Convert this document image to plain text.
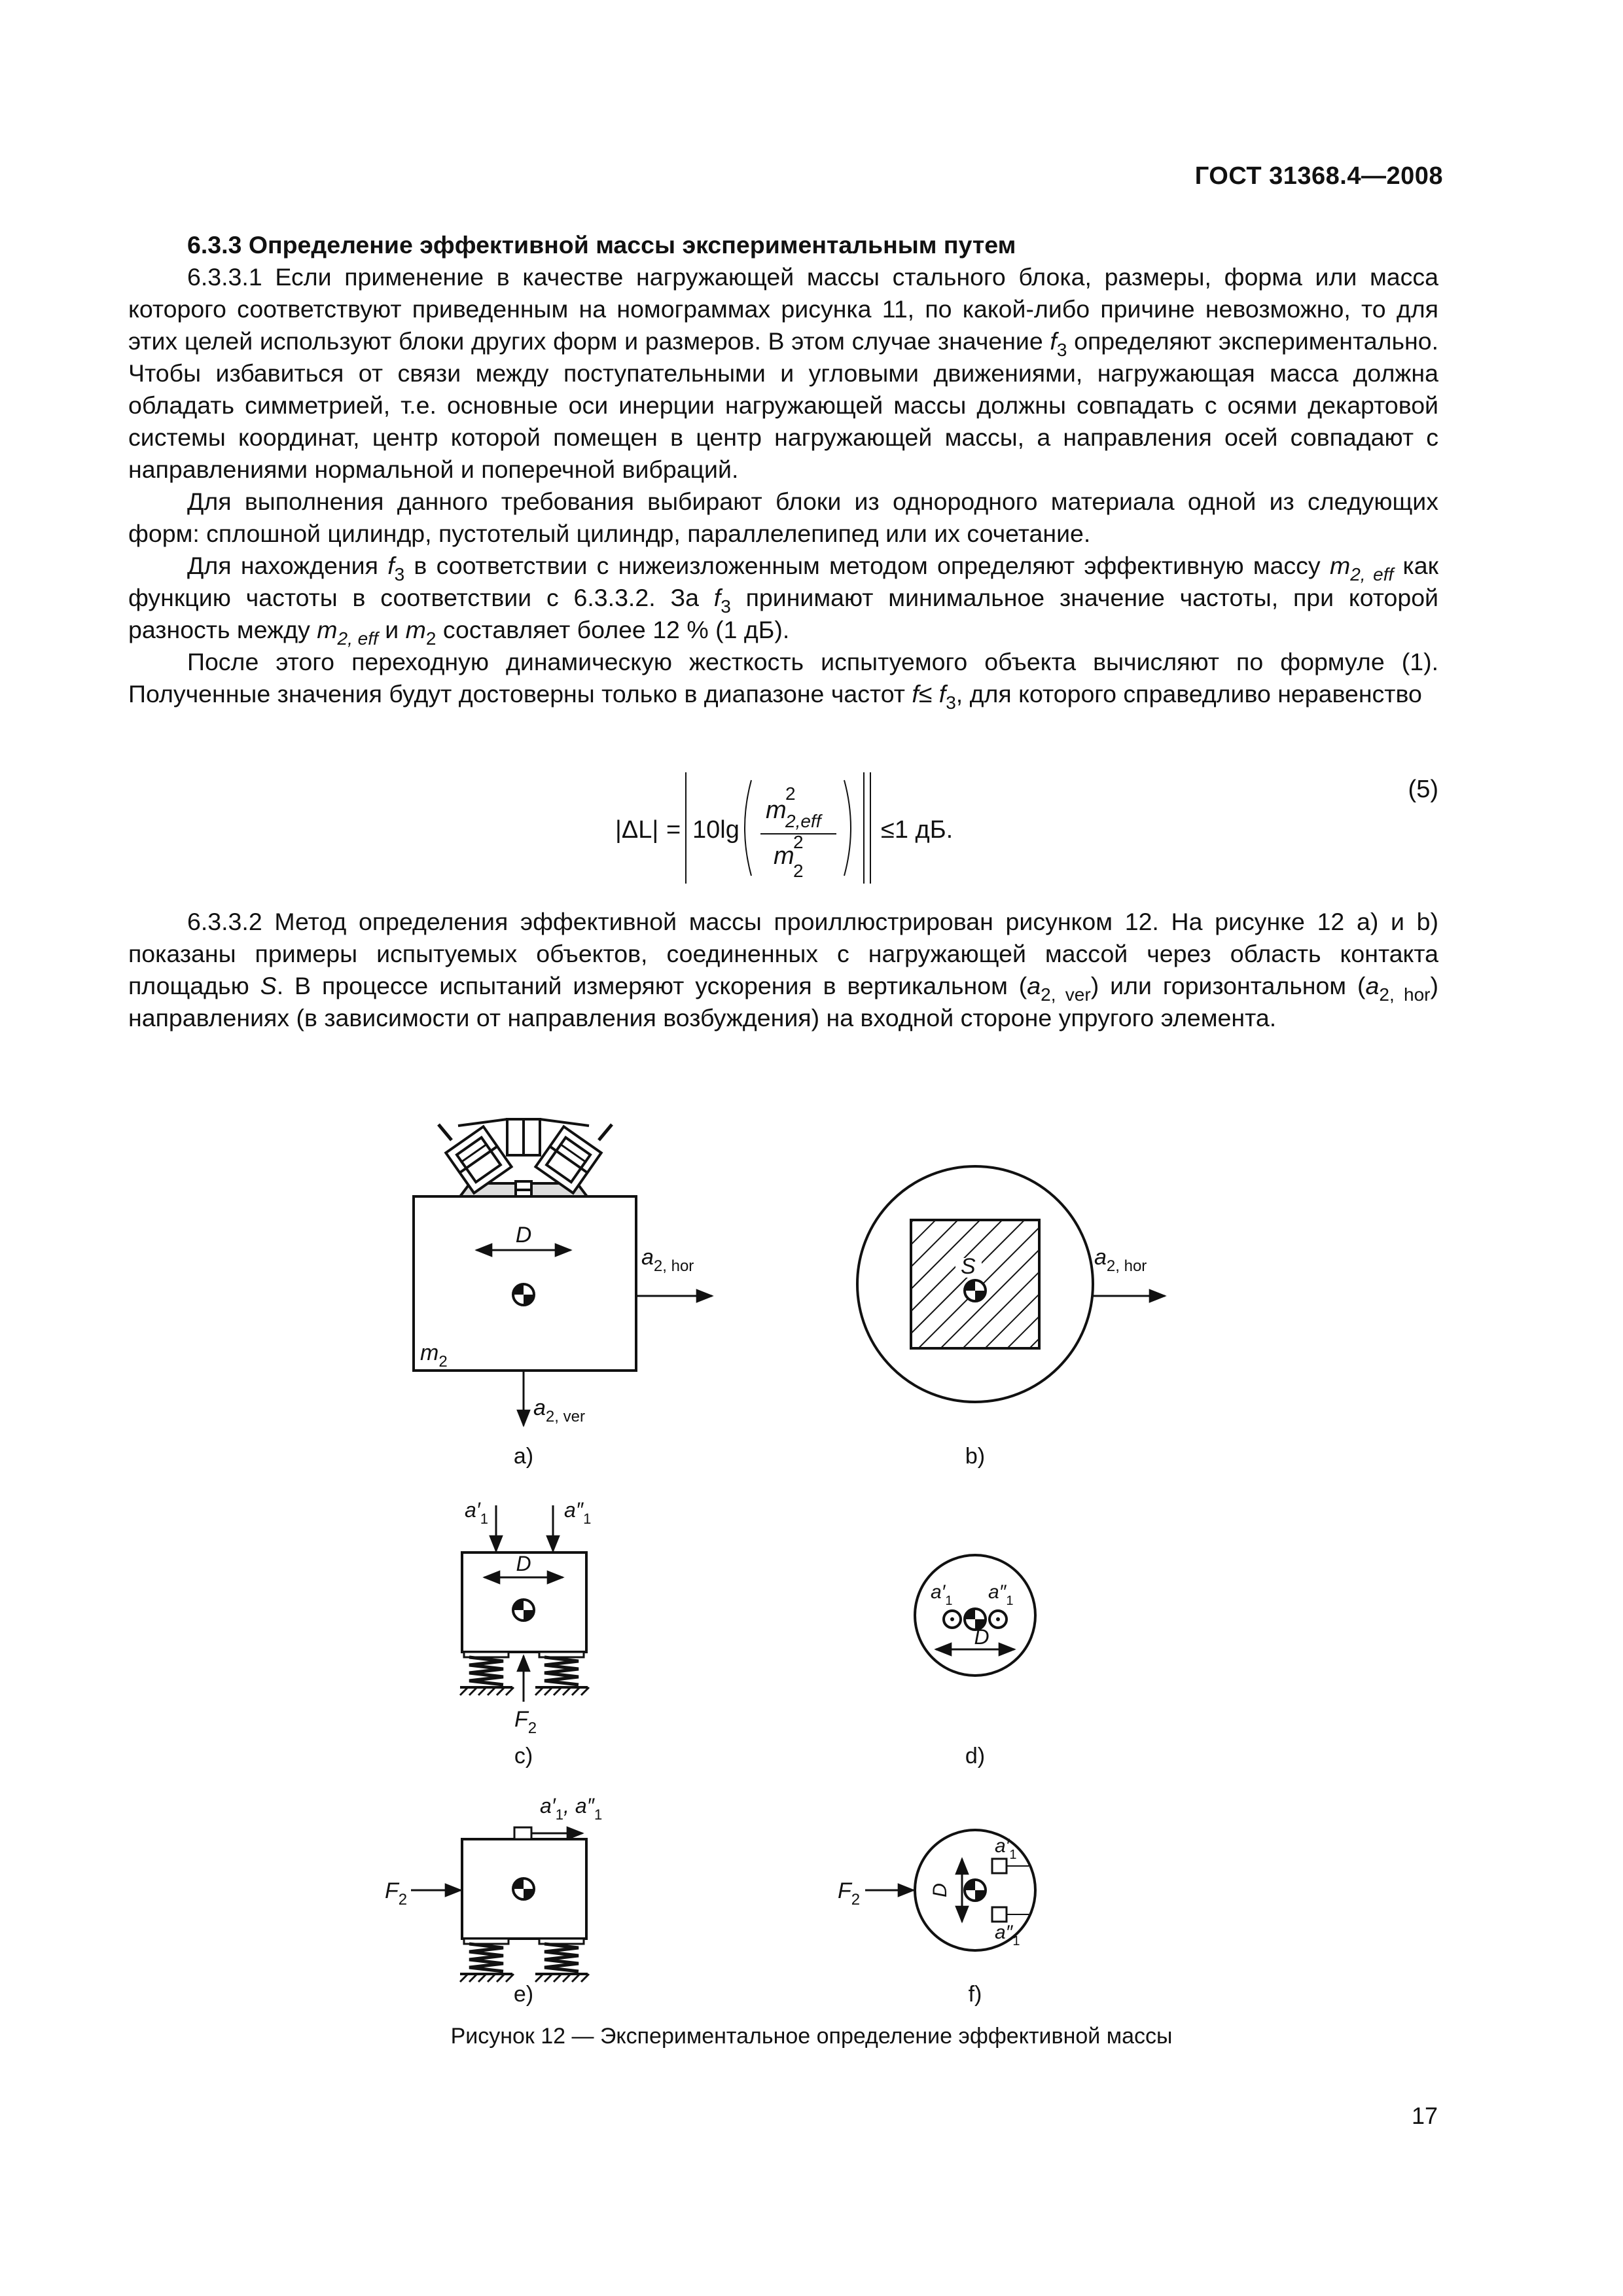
ГОСТ 31368.4—2008

6.3.3 Определение эффективной массы экспериментальным путем

6.3.3.1 Если применение в качестве нагружающей массы стального блока, размеры, форма или масса которого соответствуют приведенным на номограммах рисунка 11, по какой-либо причине невозможно, то для этих целей используют блоки других форм и размеров. В этом случае значение $f_3$ определяют экспериментально. Чтобы избавиться от связи между поступательными и угловыми движениями, нагружающая масса должна обладать симметрией, т.е. основные оси инерции нагружающей массы должны совпадать с осями декартовой системы координат, центр которой помещен в центр нагружающей массы, а направления осей совпадают с направлениями нормальной и поперечной вибраций.

Для выполнения данного требования выбирают блоки из однородного материала одной из следующих форм: сплошной цилиндр, пустотелый цилиндр, параллелепипед или их сочетание.

Для нахождения $f_3$ в соответствии с нижеизложенным методом определяют эффективную массу $m_{2, eff}$ как функцию частоты в соответствии с 6.3.3.2. За $f_3$ принимают минимальное значение частоты, при которой разность между $m_{2, eff}$ и $m_2$ составляет более 12 % (1 дБ).

После этого переходную динамическую жесткость испытуемого объекта вычисляют по формуле (1). Полученные значения будут достоверны только в диапазоне частот $f\le f_3$, для которого справедливо неравенство

|ΔL| = 10lg
m
2
2,eff
m
2
2
≤1 дБ.
(5)

6.3.3.2 Метод определения эффективной массы проиллюстрирован рисунком 12. На рисунке 12 a) и b) показаны примеры испытуемых объектов, соединенных с нагружающей массой через область контакта площадью S. В процессе испытаний измеряют ускорения в вертикальном $(a_{2, ver})$ или горизонтальном $(a_{2, hor})$ направлениях (в зависимости от направления возбуждения) на входной стороне упругого элемента.

D
$a_{2, hor}$
$m_2$
$a_{2, ver}$
a)
S	$a_{2, hor}$
b)
D
$a'_1$	$a''_1$
$F_2$
c)
$a'_1$ $a''_1$
D
d)
$a'_1$, $a''_1$
$F_2$
e)
$a'_1$
$a''_1$
D
$F_2$
f)
Рисунок 12 — Экспериментальное определение эффективной массы
17
